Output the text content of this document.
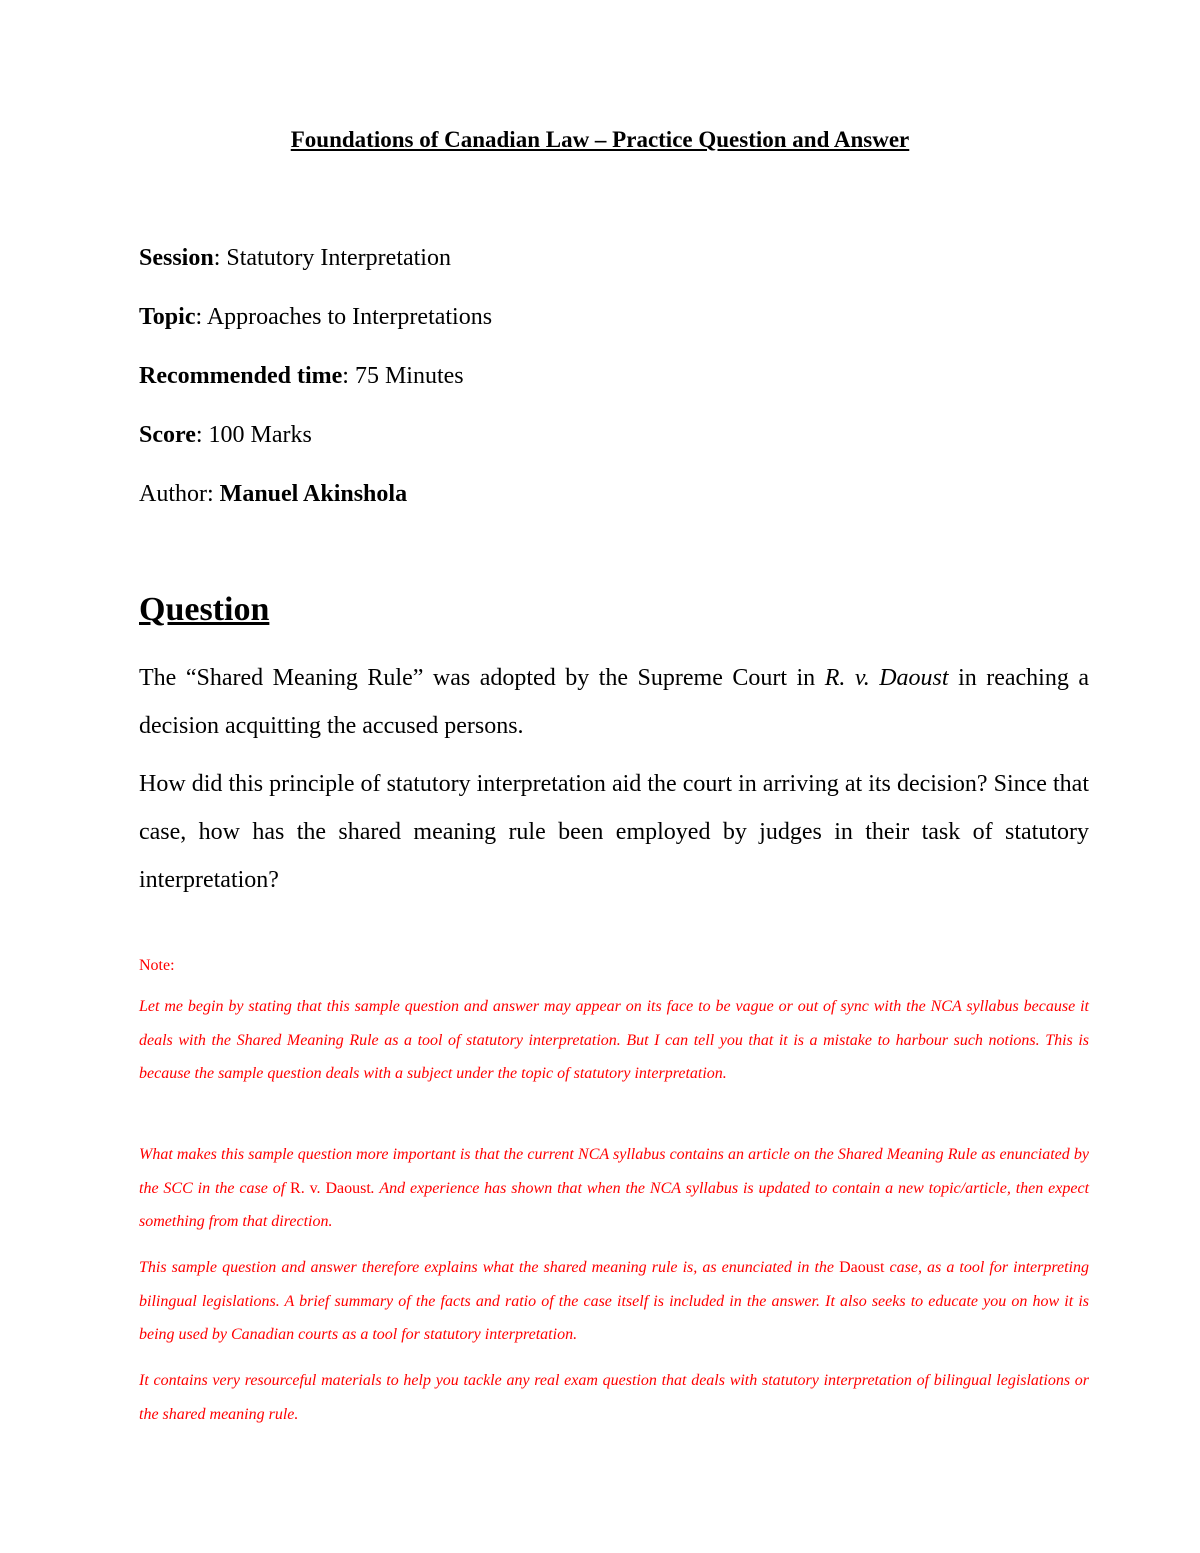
Foundations of Canadian Law – Practice Question and Answer

Session: Statutory Interpretation

Topic: Approaches to Interpretations

Recommended time: 75 Minutes

Score: 100 Marks

Author: Manuel Akinshola

Question

The “Shared Meaning Rule” was adopted by the Supreme Court in R. v. Daoust in reaching a decision acquitting the accused persons.

How did this principle of statutory interpretation aid the court in arriving at its decision? Since that case, how has the shared meaning rule been employed by judges in their task of statutory interpretation?

Note:

Let me begin by stating that this sample question and answer may appear on its face to be vague or out of sync with the NCA syllabus because it deals with the Shared Meaning Rule as a tool of statutory interpretation. But I can tell you that it is a mistake to harbour such notions. This is because the sample question deals with a subject under the topic of statutory interpretation.

What makes this sample question more important is that the current NCA syllabus contains an article on the Shared Meaning Rule as enunciated by the SCC in the case of R. v. Daoust. And experience has shown that when the NCA syllabus is updated to contain a new topic/article, then expect something from that direction.

This sample question and answer therefore explains what the shared meaning rule is, as enunciated in the Daoust case, as a tool for interpreting bilingual legislations. A brief summary of the facts and ratio of the case itself is included in the answer. It also seeks to educate you on how it is being used by Canadian courts as a tool for statutory interpretation.

It contains very resourceful materials to help you tackle any real exam question that deals with statutory interpretation of bilingual legislations or the shared meaning rule.
